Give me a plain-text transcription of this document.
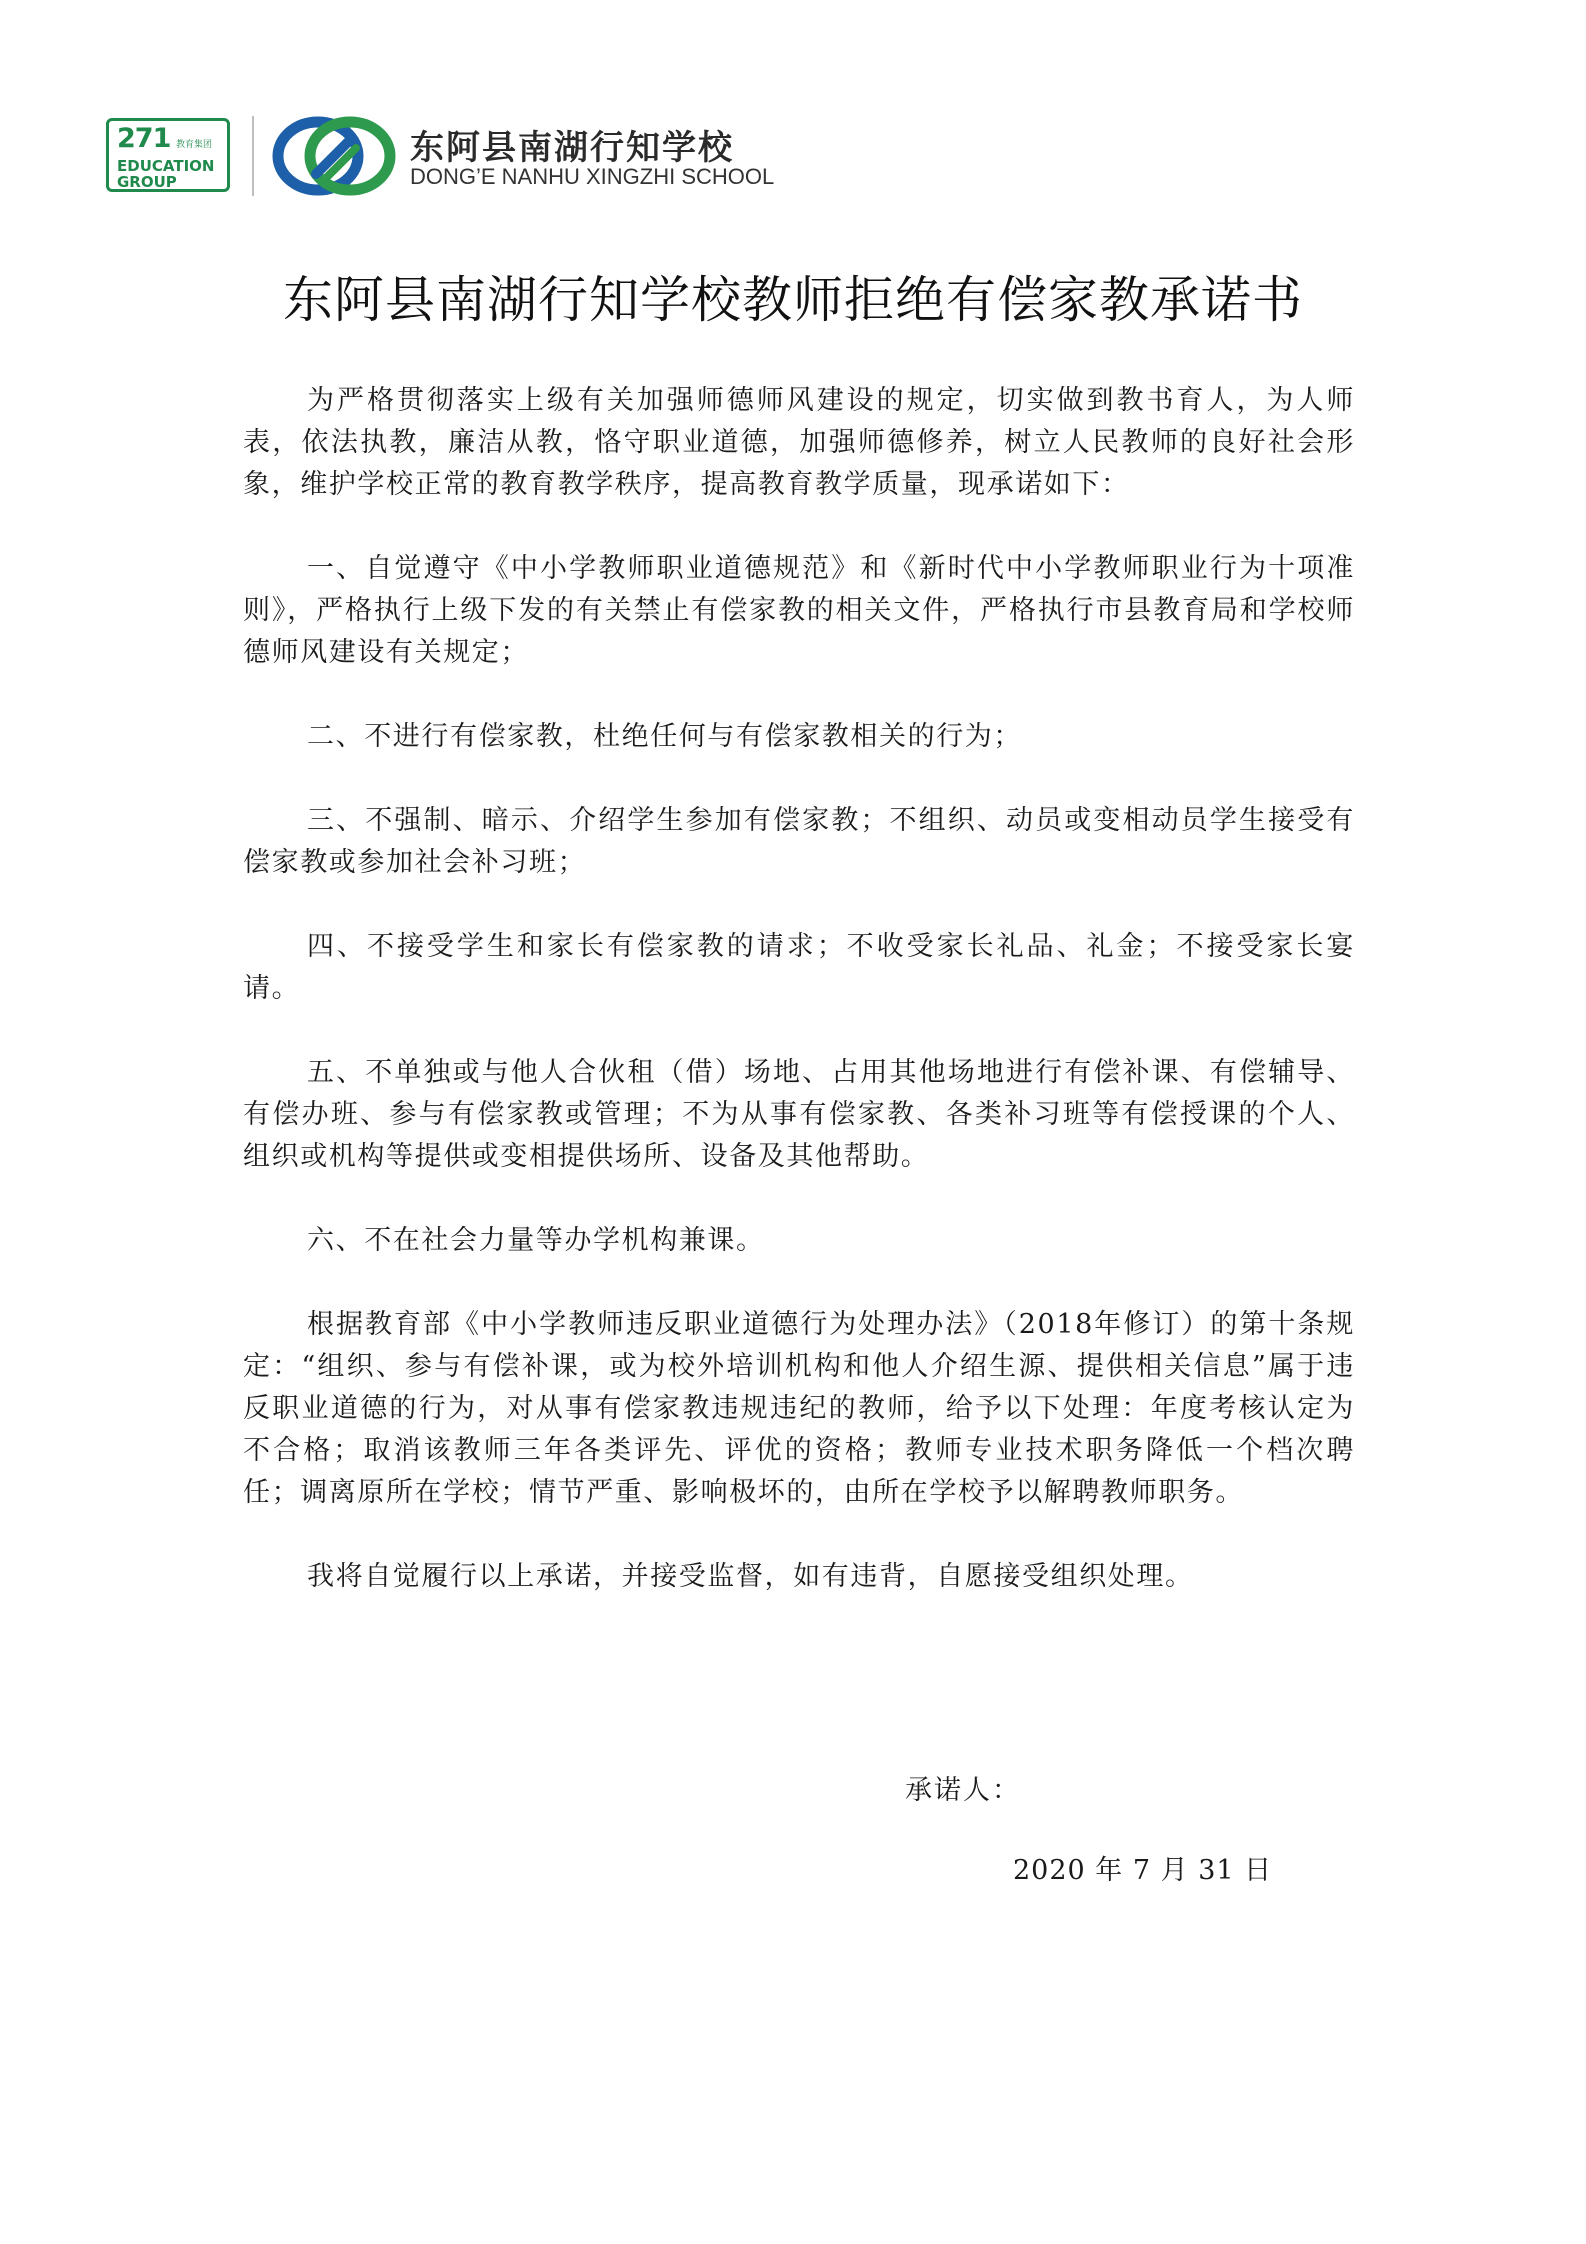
271 教育集团
EDUCATION
GROUP
东阿县南湖行知学校
DONG’E NANHU XINGZHI SCHOOL
东阿县南湖行知学校教师拒绝有偿家教承诺书

为严格贯彻落实上级有关加强师德师风建设的规定，切实做到教书育人，为人师表，依法执教，廉洁从教，恪守职业道德，加强师德修养，树立人民教师的良好社会形象，维护学校正常的教育教学秩序，提高教育教学质量，现承诺如下：

一、自觉遵守《中小学教师职业道德规范》和《新时代中小学教师职业行为十项准则》，严格执行上级下发的有关禁止有偿家教的相关文件，严格执行市县教育局和学校师德师风建设有关规定；

二、不进行有偿家教，杜绝任何与有偿家教相关的行为；

三、不强制、暗示、介绍学生参加有偿家教；不组织、动员或变相动员学生接受有偿家教或参加社会补习班；

四、不接受学生和家长有偿家教的请求；不收受家长礼品、礼金；不接受家长宴请。

五、不单独或与他人合伙租（借）场地、占用其他场地进行有偿补课、有偿辅导、有偿办班、参与有偿家教或管理；不为从事有偿家教、各类补习班等有偿授课的个人、组织或机构等提供或变相提供场所、设备及其他帮助。

六、不在社会力量等办学机构兼课。

根据教育部《中小学教师违反职业道德行为处理办法》（2018年修订）的第十条规定：“组织、参与有偿补课，或为校外培训机构和他人介绍生源、提供相关信息”属于违反职业道德的行为，对从事有偿家教违规违纪的教师，给予以下处理：年度考核认定为不合格；取消该教师三年各类评先、评优的资格；教师专业技术职务降低一个档次聘任；调离原所在学校；情节严重、影响极坏的，由所在学校予以解聘教师职务。

我将自觉履行以上承诺，并接受监督，如有违背，自愿接受组织处理。

承诺人：
2020 年 7 月 31 日
